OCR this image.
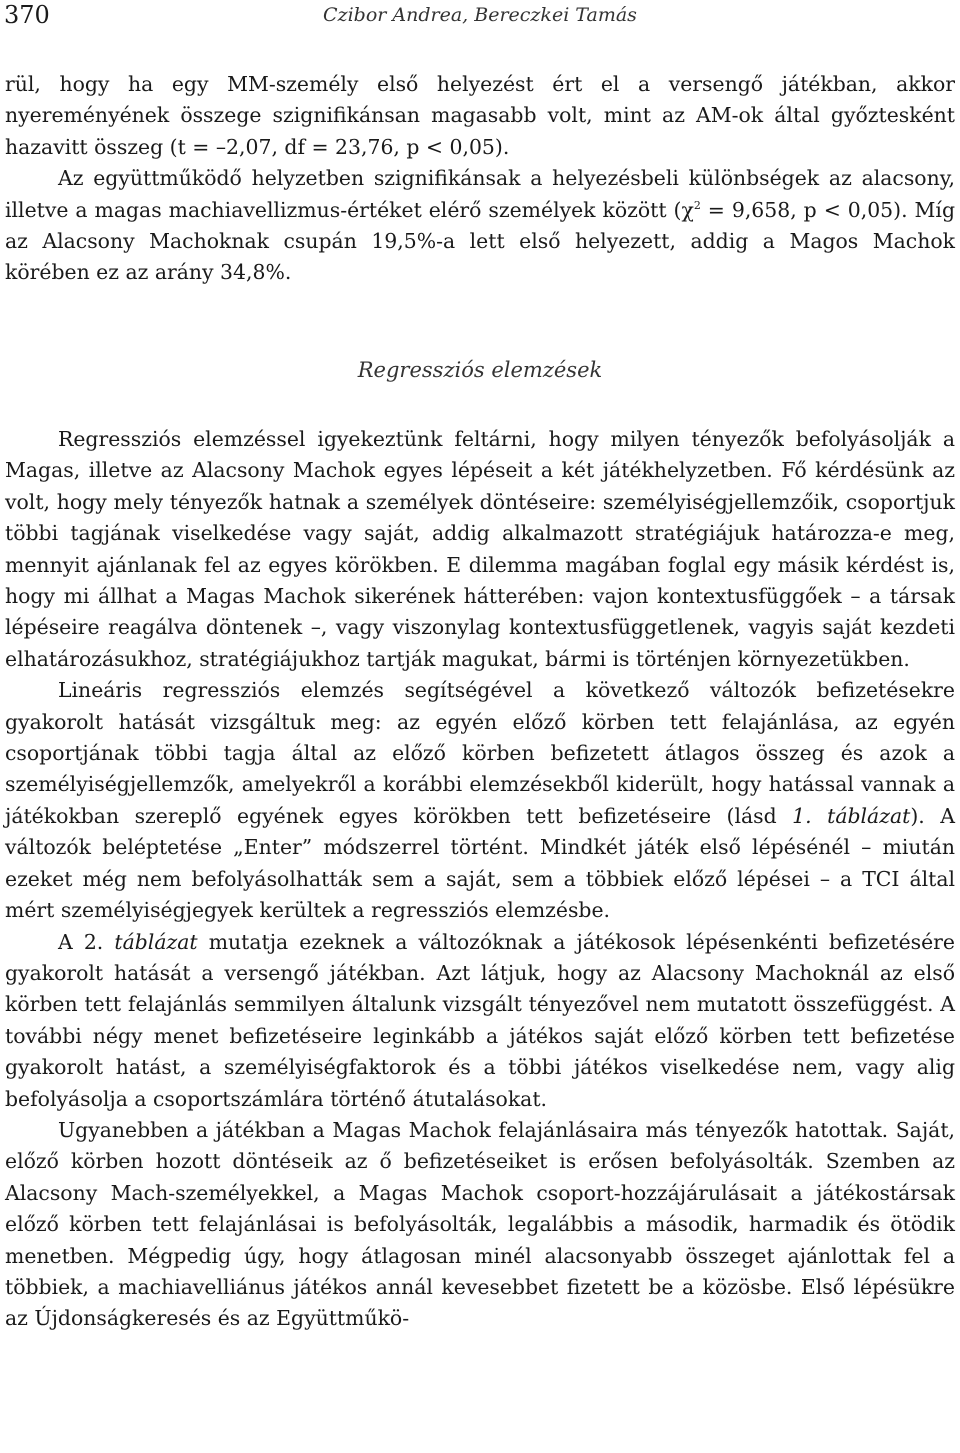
370	Czibor Andrea, Bereczkei Tamás

rül, hogy ha egy MM-személy első helyezést ért el a versengő játékban, akkor nyereményének összege szignifikánsan magasabb volt, mint az AM-ok által győztesként hazavitt összeg (t = –2,07, df = 23,76, p < 0,05).

Az együttműködő helyzetben szignifikánsak a helyezésbeli különbségek az alacsony, illetve a magas machiavellizmus-értéket elérő személyek között ($\chi^2 = 9,658$, p < 0,05). Míg az Alacsony Machoknak csupán 19,5%-a lett első helyezett, addig a Magos Machok körében ez az arány 34,8%.

Regressziós elemzések

Regressziós elemzéssel igyekeztünk feltárni, hogy milyen tényezők befolyásolják a Magas, illetve az Alacsony Machok egyes lépéseit a két játékhelyzetben. Fő kérdésünk az volt, hogy mely tényezők hatnak a személyek döntéseire: személyiségjellemzőik, csoportjuk többi tagjának viselkedése vagy saját, addig alkalmazott stratégiájuk határozza-e meg, mennyit ajánlanak fel az egyes körökben. E dilemma magában foglal egy másik kérdést is, hogy mi állhat a Magas Machok sikerének hátterében: vajon kontextusfüggőek – a társak lépéseire reagálva döntenek –, vagy viszonylag kontextusfüggetlenek, vagyis saját kezdeti elhatározásukhoz, stratégiájukhoz tartják magukat, bármi is történjen környezetükben.

Lineáris regressziós elemzés segítségével a következő változók befizetésekre gyakorolt hatását vizsgáltuk meg: az egyén előző körben tett felajánlása, az egyén csoportjának többi tagja által az előző körben befizetett átlagos összeg és azok a személyiségjellemzők, amelyekről a korábbi elemzésekből kiderült, hogy hatással vannak a játékokban szereplő egyének egyes körökben tett befizetéseire (lásd 1. táblázat). A változók beléptetése „Enter” módszerrel történt. Mindkét játék első lépésénél – miután ezeket még nem befolyásolhatták sem a saját, sem a többiek előző lépései – a TCI által mért személyiségjegyek kerültek a regressziós elemzésbe.

A 2. táblázat mutatja ezeknek a változóknak a játékosok lépésenkénti befizetésére gyakorolt hatását a versengő játékban. Azt látjuk, hogy az Alacsony Machoknál az első körben tett felajánlás semmilyen általunk vizsgált tényezővel nem mutatott összefüggést. A további négy menet befizetéseire leginkább a játékos saját előző körben tett befizetése gyakorolt hatást, a személyiségfaktorok és a többi játékos viselkedése nem, vagy alig befolyásolja a csoportszámlára történő átutalásokat.

Ugyanebben a játékban a Magas Machok felajánlásaira más tényezők hatottak. Saját, előző körben hozott döntéseik az ő befizetéseiket is erősen befolyásolták. Szemben az Alacsony Mach-személyekkel, a Magas Machok csoport-hozzájárulásait a játékostársak előző körben tett felajánlásai is befolyásolták, legalábbis a második, harmadik és ötödik menetben. Mégpedig úgy, hogy átlagosan minél alacsonyabb összeget ajánlottak fel a többiek, a machiavelliánus játékos annál kevesebbet fizetett be a közösbe. Első lépésükre az Újdonságkeresés és az Együttműkö-
